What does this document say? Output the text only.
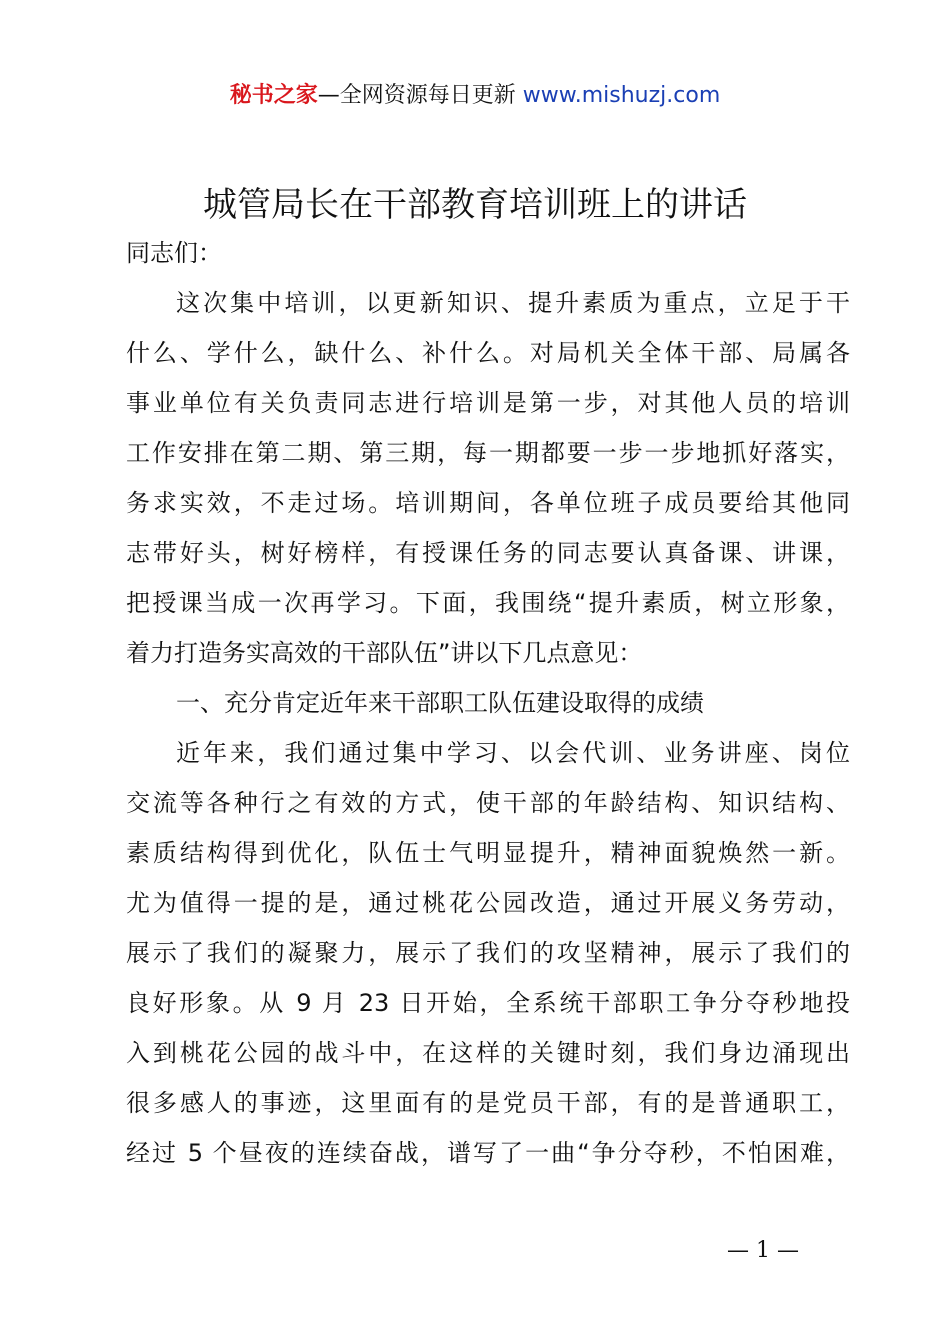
秘书之家—全网资源每日更新 www.mishuzj.com
城管局长在干部教育培训班上的讲话
同志们：
这次集中培训，以更新知识、提升素质为重点，立足于干
什么、学什么，缺什么、补什么。对局机关全体干部、局属各
事业单位有关负责同志进行培训是第一步，对其他人员的培训
工作安排在第二期、第三期，每一期都要一步一步地抓好落实，
务求实效，不走过场。培训期间，各单位班子成员要给其他同
志带好头，树好榜样，有授课任务的同志要认真备课、讲课，
把授课当成一次再学习。下面，我围绕“提升素质，树立形象，
着力打造务实高效的干部队伍”讲以下几点意见：
一、充分肯定近年来干部职工队伍建设取得的成绩
近年来，我们通过集中学习、以会代训、业务讲座、岗位
交流等各种行之有效的方式，使干部的年龄结构、知识结构、
素质结构得到优化，队伍士气明显提升，精神面貌焕然一新。
尤为值得一提的是，通过桃花公园改造，通过开展义务劳动，
展示了我们的凝聚力，展示了我们的攻坚精神，展示了我们的
良好形象。从 9 月 23 日开始，全系统干部职工争分夺秒地投
入到桃花公园的战斗中，在这样的关键时刻，我们身边涌现出
很多感人的事迹，这里面有的是党员干部，有的是普通职工，
经过 5 个昼夜的连续奋战，谱写了一曲“争分夺秒，不怕困难，
— 1 —
